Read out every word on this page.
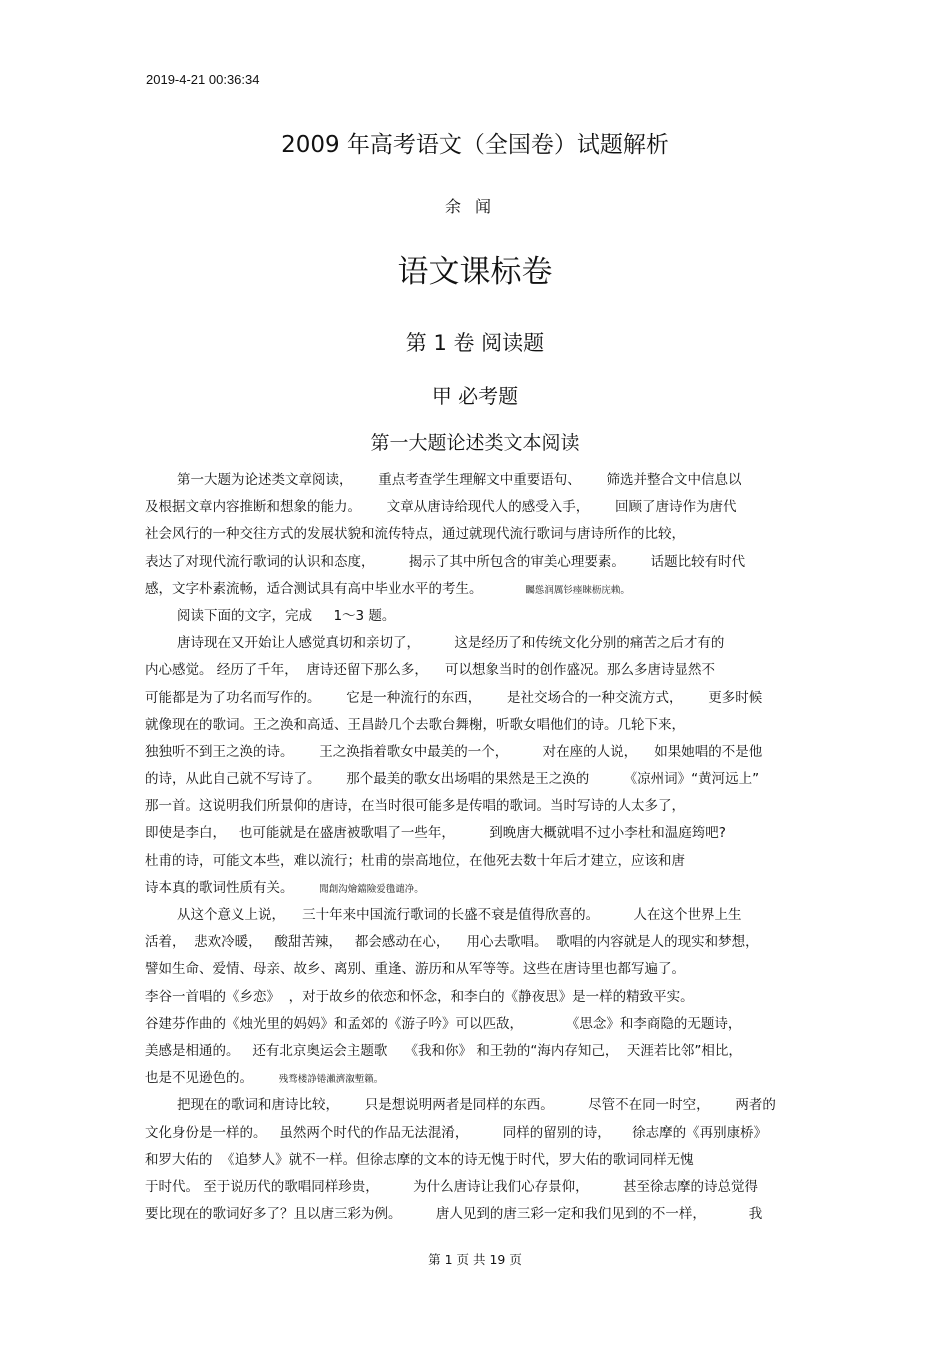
2019-4-21 00:36:34
2009 年高考语文（全国卷）试题解析
余闻
语文课标卷
第 1 卷 阅读题
甲 必考题
第一大题论述类文本阅读
第一大题为论述类文章阅读，      重点考查学生理解文中重要语句、      筛选并整合文中信息以
及根据文章内容推断和想象的能力。      文章从唐诗给现代人的感受入手，      回顾了唐诗作为唐代
社会风行的一种交往方式的发展状貌和流传特点，通过就现代流行歌词与唐诗所作的比较，
表达了对现代流行歌词的认识和态度，        揭示了其中所包含的审美心理要素。      话题比较有时代
感，文字朴素流畅，适合测试具有高中毕业水平的考生。          矚慫润厲钐瘗睞枥庑赖。
阅读下面的文字，完成     1～3 题。
唐诗现在又开始让人感觉真切和亲切了，        这是经历了和传统文化分别的痛苦之后才有的
内心感觉。 经历了千年，  唐诗还留下那么多，    可以想象当时的创作盛况。那么多唐诗显然不
可能都是为了功名而写作的。      它是一种流行的东西，      是社交场合的一种交流方式，      更多时候
就像现在的歌词。王之涣和高适、王昌龄几个去歌台舞榭，听歌女唱他们的诗。几轮下来，
独独听不到王之涣的诗。      王之涣指着歌女中最美的一个，        对在座的人说，    如果她唱的不是他
的诗，从此自己就不写诗了。      那个最美的歌女出场唱的果然是王之涣的        《凉州词》“黄河远上”
那一首。这说明我们所景仰的唐诗，在当时很可能多是传唱的歌词。当时写诗的人太多了，
即使是李白，   也可能就是在盛唐被歌唱了一些年，        到晚唐大概就唱不过小李杜和温庭筠吧?
杜甫的诗，可能文本些，难以流行；杜甫的崇高地位，在他死去数十年后才建立，应该和唐
诗本真的歌词性质有关。      聞創沟燴鐺險爱氇谴净。
从这个意义上说，    三十年来中国流行歌词的长盛不衰是值得欣喜的。        人在这个世界上生
活着，  悲欢冷暖，   酸甜苦辣，   都会感动在心，    用心去歌唱。  歌唱的内容就是人的现实和梦想，
譬如生命、爱情、母亲、故乡、离别、重逢、游历和从军等等。这些在唐诗里也都写遍了。
李谷一首唱的《乡恋》  ，对于故乡的依恋和怀念，和李白的《静夜思》是一样的精致平实。
谷建芬作曲的《烛光里的妈妈》和孟郊的《游子吟》可以匹敌，          《思念》和李商隐的无题诗，
美感是相通的。   还有北京奥运会主题歌    《我和你》 和王勃的“海内存知己，  天涯若比邻”相比，
也是不见逊色的。      残骛楼諍锩瀨濟溆塹籟。
把现在的歌词和唐诗比较，      只是想说明两者是同样的东西。        尽管不在同一时空，      两者的
文化身份是一样的。   虽然两个时代的作品无法混淆，        同样的留别的诗，     徐志摩的《再别康桥》
和罗大佑的  《追梦人》就不一样。但徐志摩的文本的诗无愧于时代，罗大佑的歌词同样无愧
于时代。 至于说历代的歌唱同样珍贵，        为什么唐诗让我们心存景仰，        甚至徐志摩的诗总觉得
要比现在的歌词好多了？且以唐三彩为例。        唐人见到的唐三彩一定和我们见到的不一样，          我
第 1 页 共 19 页
